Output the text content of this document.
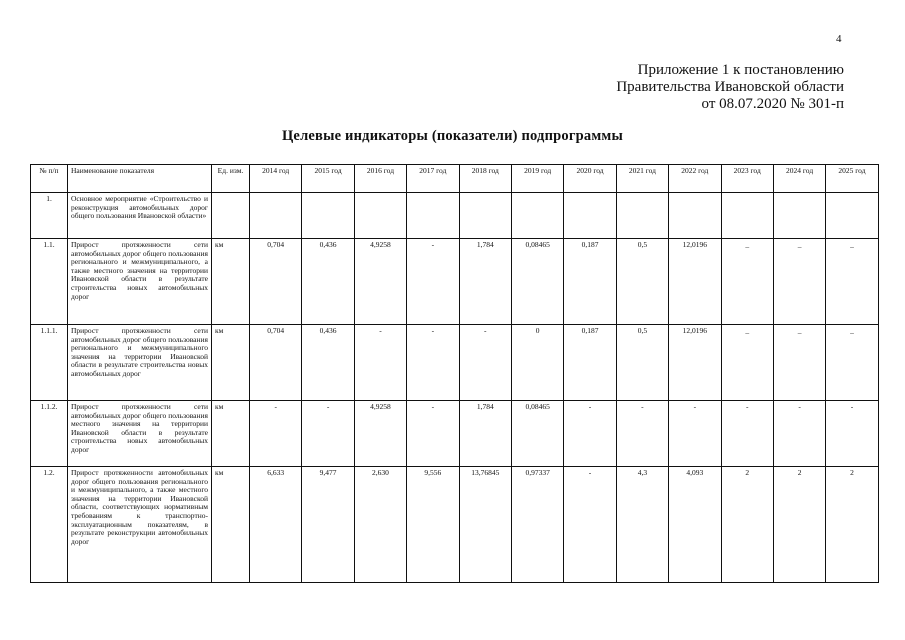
4
Приложение 1 к постановлению
Правительства Ивановской области
от 08.07.2020 № 301-п
Целевые индикаторы (показатели) подпрограммы
№ п/п	Наименование показателя	Ед. изм.	2014 год	2015 год	2016 год	2017 год	2018 год	2019 год	2020 год	2021 год	2022 год	2023 год	2024 год	2025 год
1.	Основное мероприятие «Строительство и реконструкция автомобильных дорог общего пользования Ивановской области»													
1.1.	Прирост протяженности сети автомобильных дорог общего пользования регионального и межмуниципального, а также местного значения на территории Ивановской области в результате строительства новых автомобильных дорог	км	0,704	0,436	4,9258	-	1,784	0,08465	0,187	0,5	12,0196	_	_	_
1.1.1.	Прирост протяженности сети автомобильных дорог общего пользования регионального и межмуниципального значения на территории Ивановской области в результате строительства новых автомобильных дорог	км	0,704	0,436	-	-	-	0	0,187	0,5	12,0196	_	_	_
1.1.2.	Прирост протяженности сети автомобильных дорог общего пользования местного значения на территории Ивановской области в результате строительства новых автомобильных дорог	км	-	-	4,9258	-	1,784	0,08465	-	-	-	-	-	-
1.2.	Прирост протяженности автомобильных дорог общего пользования регионального и межмуниципального, а также местного значения на территории Ивановской области, соответствующих нормативным требованиям к транспортно-эксплуатационным показателям, в результате реконструкции автомобильных дорог	км	6,633	9,477	2,630	9,556	13,76845	0,97337	-	4,3	4,093	2	2	2
